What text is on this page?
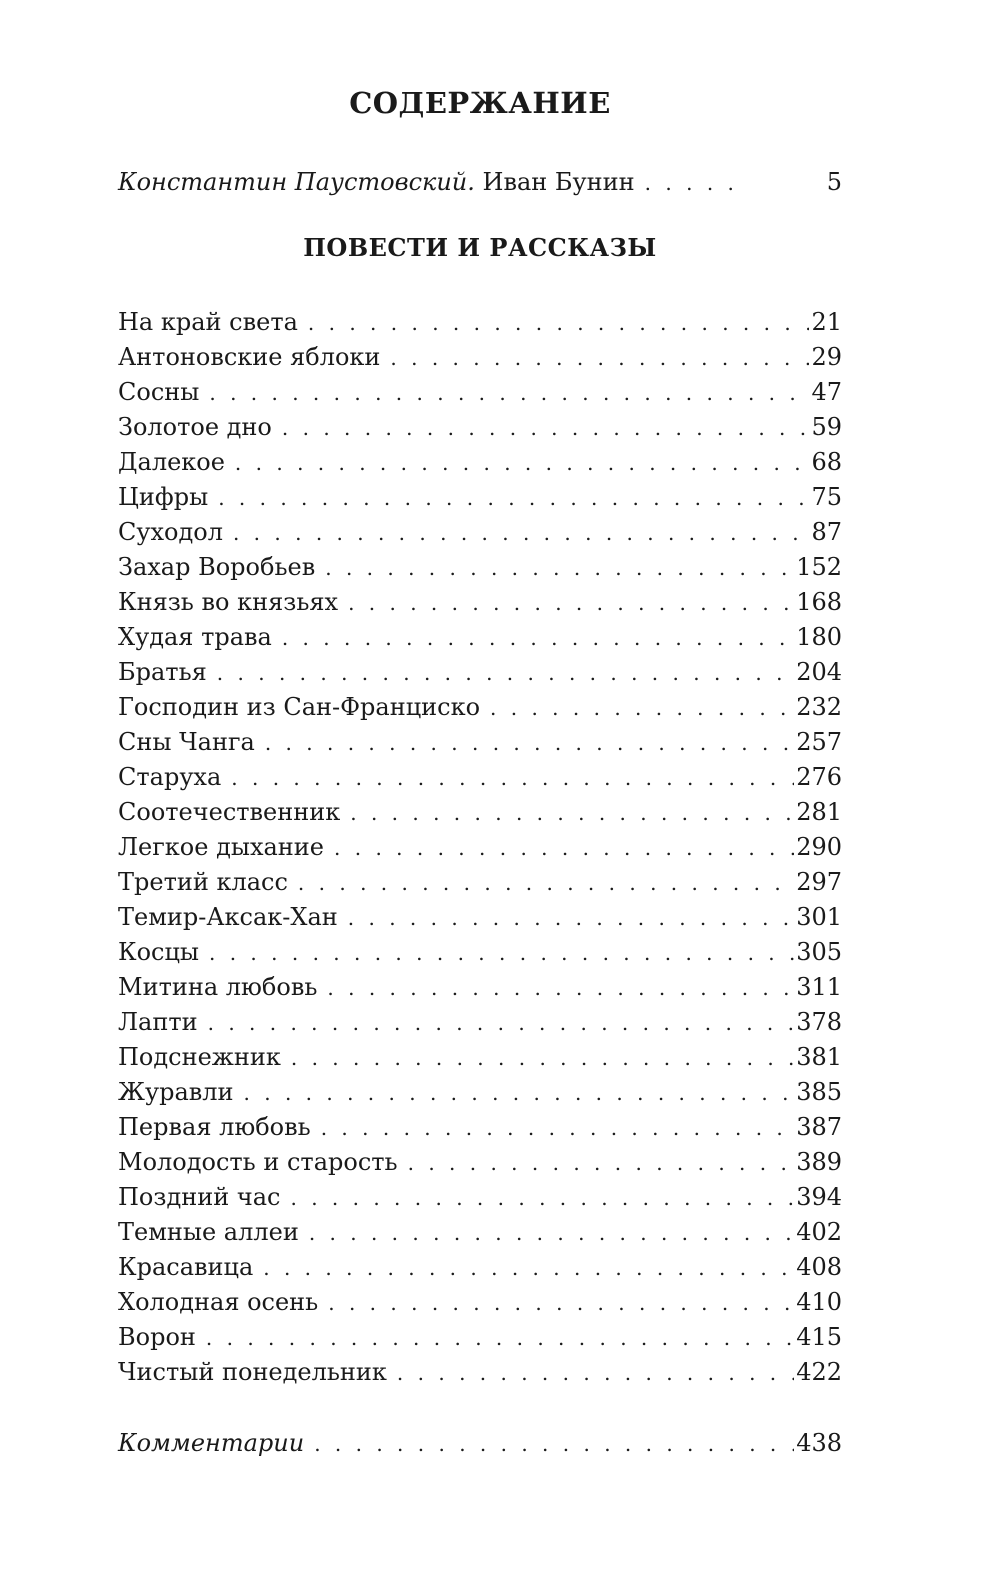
СОДЕРЖАНИЕ
Константин Паустовский. Иван Бунин . . .	5
ПОВЕСТИ И РАССКАЗЫ
На край света . . .	21
Антоновские яблоки . . .	29
Сосны . . .	47
Золотое дно . . .	59
Далекое . . .	68
Цифры . . .	75
Суходол . . .	87
Захар Воробьев . . .	152
Князь во князьях . . .	168
Худая трава . . .	180
Братья . . .	204
Господин из Сан-Франциско . . .	232
Сны Чанга . . .	257
Старуха . . .	276
Соотечественник . . .	281
Легкое дыхание . . .	290
Третий класс . . .	297
Темир-Аксак-Хан . . .	301
Косцы . . .	305
Митина любовь . . .	311
Лапти . . .	378
Подснежник . . .	381
Журавли . . .	385
Первая любовь . . .	387
Молодость и старость . . .	389
Поздний час . . .	394
Темные аллеи . . .	402
Красавица . . .	408
Холодная осень . . .	410
Ворон . . .	415
Чистый понедельник . . .	422
Комментарии . . .	438
